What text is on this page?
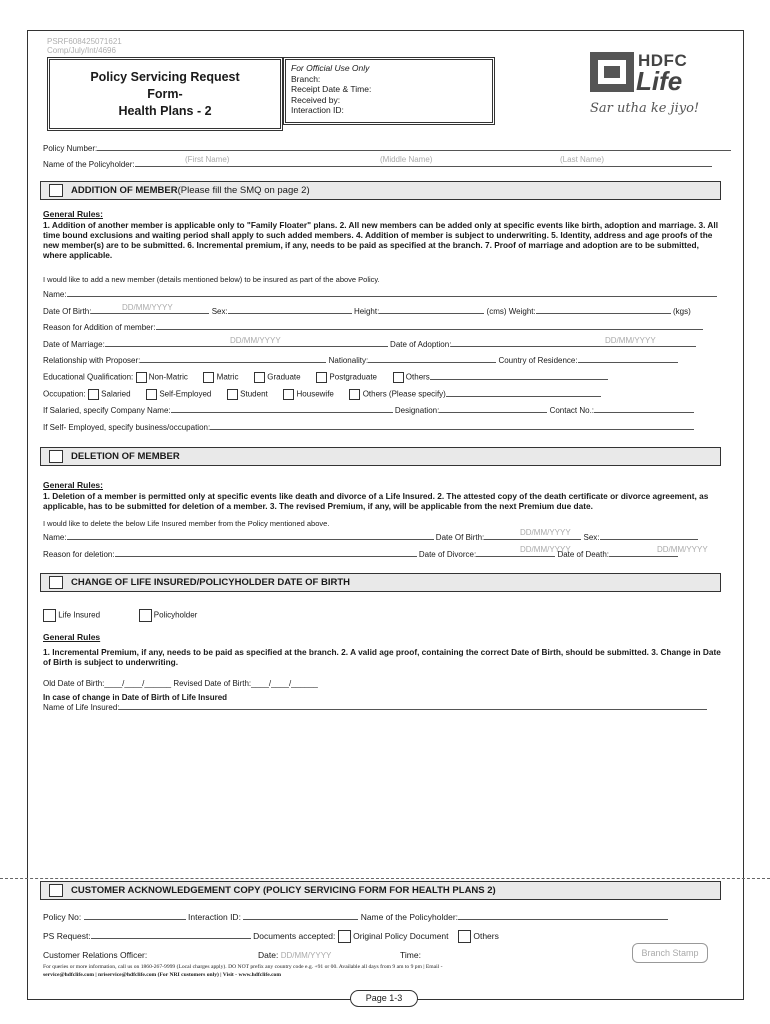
PSRF608425071621
Comp/July/Int/4696
Policy Servicing Request Form-
Health Plans - 2
For Official Use Only
Branch:
Receipt Date & Time:
Received by:
Interaction ID:
HDFC
Life
Sar utha ke jiyo!
Policy Number:
Name of the Policyholder:
(First Name)	(Middle Name)	(Last Name)
ADDITION OF MEMBER (Please fill the SMQ on page 2)
General Rules:
1. Addition of another member is applicable only to "Family Floater" plans. 2. All new members can be added only at specific events like birth, adoption and marriage. 3. All time bound exclusions and waiting period shall apply to such added members. 4. Addition of member is subject to underwriting. 5. Identity, address and age proofs of the new member(s) are to be submitted. 6. Incremental premium, if any, needs to be paid as specified at the branch. 7. Proof of marriage and adoption are to be submitted, where applicable.
I would like to add a new member (details mentioned below) to be insured as part of the above Policy.
Name:
Date Of Birth:	Sex:	Height:	(cms) Weight:	(kgs)
DD/MM/YYYY
Reason for Addition of member:
Date of Marriage:	Date of Adoption:
DD/MM/YYYY	DD/MM/YYYY
Relationship with Proposer:	Nationality:	Country of Residence:
Educational Qualification: Non-Matric	Matric	Graduate	Postgraduate	Others
Occupation: Salaried	Self-Employed	Student	Housewife	Others (Please specify)
If Salaried, specify Company Name:	Designation:	Contact No.:
If Self- Employed, specify business/occupation:
DELETION OF MEMBER
General Rules:
1. Deletion of a member is permitted only at specific events like death and divorce of a Life Insured. 2. The attested copy of the death certificate or divorce agreement, as applicable, has to be submitted for deletion of a member. 3. The revised Premium, if any, will be applicable from the next Premium due date.
I would like to delete the below Life Insured member from the Policy mentioned above.
Name:	Date Of Birth:	Sex:
DD/MM/YYYY
Reason for deletion:	Date of Divorce:	Date of Death:
DD/MM/YYYY	DD/MM/YYYY
CHANGE OF LIFE INSURED/POLICYHOLDER DATE OF BIRTH
Life Insured	Policyholder
General Rules
1. Incremental Premium, if any, needs to be paid as specified at the branch. 2. A valid age proof, containing the correct Date of Birth, should be submitted. 3. Change in Date of Birth is subject to underwriting.
Old Date of Birth:____/____/______ Revised Date of Birth:____/____/______
In case of change in Date of Birth of Life Insured
Name of Life Insured:
CUSTOMER ACKNOWLEDGEMENT COPY (POLICY SERVICING FORM FOR HEALTH PLANS 2)
Policy No:	Interaction ID:	Name of the Policyholder:
PS Request:	Documents accepted: Original Policy Document	Others
Customer Relations Officer:	Date: DD/MM/YYYY	Time:	Branch Stamp
For queries or more information, call us on 1860-267-9999 (Local charges apply). DO NOT prefix any country code e.g. +91 or 00. Available all days from 9 am to 9 pm | Email -
service@hdfclife.com | nriservice@hdfclife.com (For NRI customers only) | Visit - www.hdfclife.com
Page 1-3
